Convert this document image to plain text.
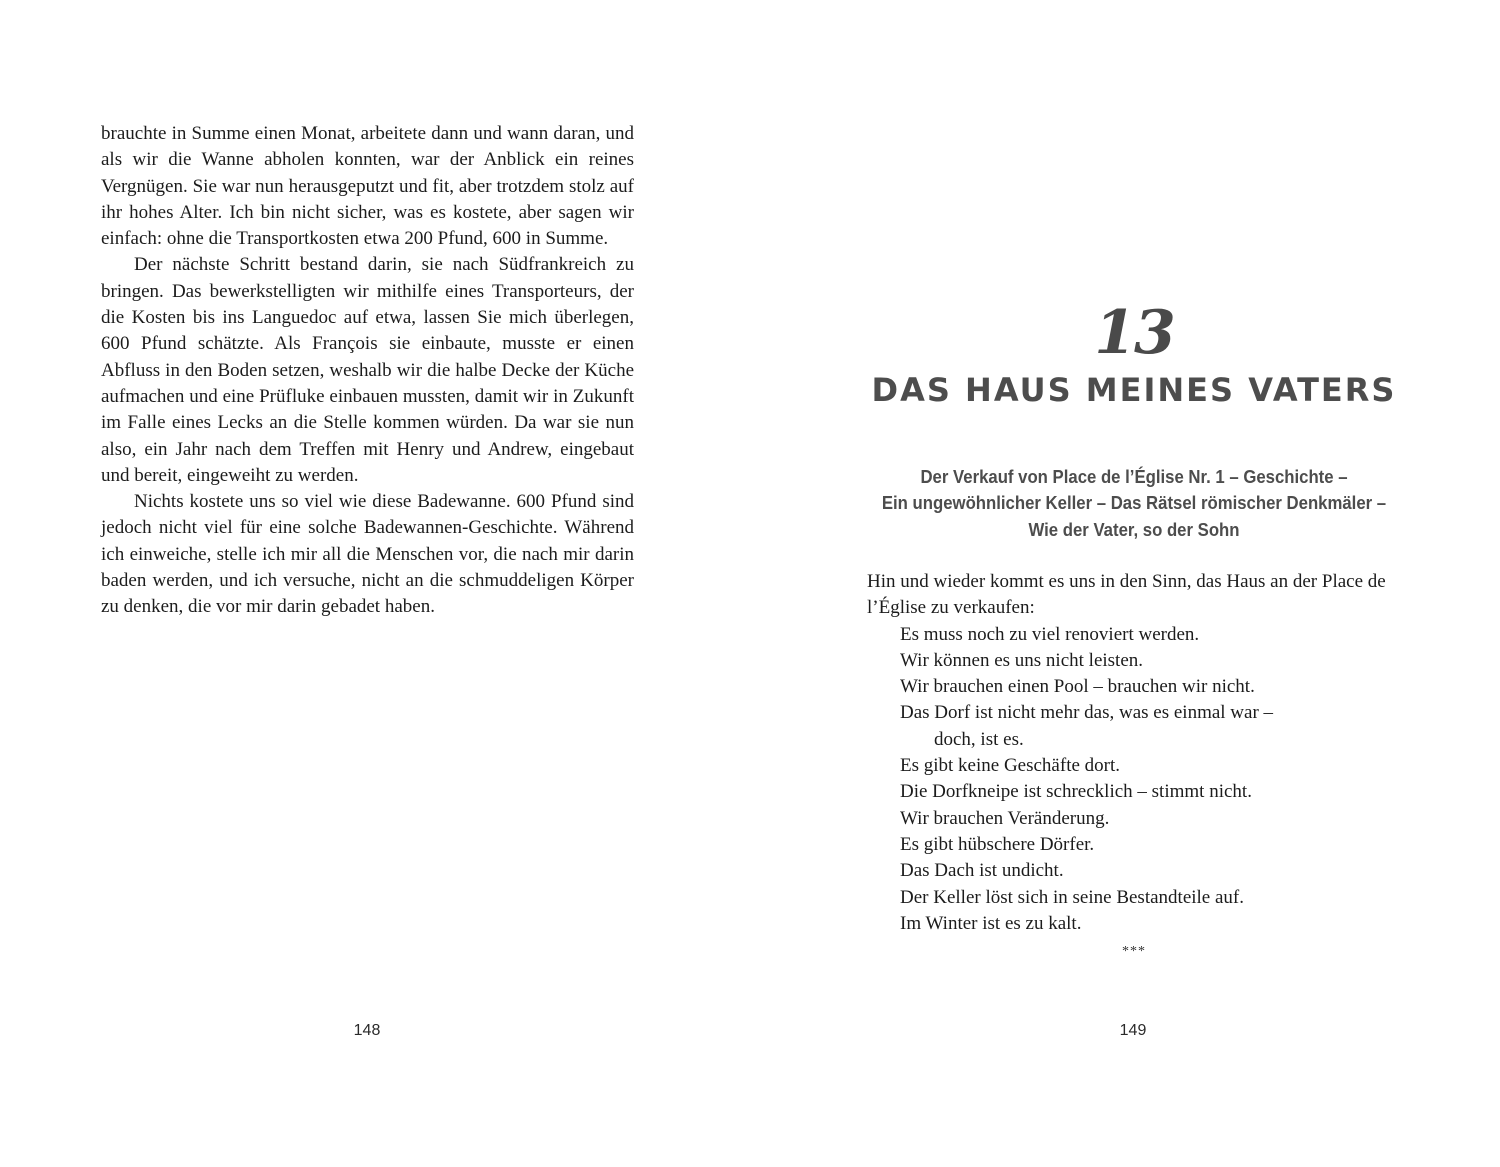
brauchte in Summe einen Monat, arbeitete dann und wann daran, und als wir die Wanne abholen konnten, war der Anblick ein reines Vergnügen. Sie war nun herausgeputzt und fit, aber trotzdem stolz auf ihr hohes Alter. Ich bin nicht sicher, was es kostete, aber sagen wir einfach: ohne die Transportkosten etwa 200 Pfund, 600 in Summe.

Der nächste Schritt bestand darin, sie nach Südfrankreich zu bringen. Das bewerkstelligten wir mithilfe eines Transporteurs, der die Kosten bis ins Languedoc auf etwa, lassen Sie mich überlegen, 600 Pfund schätzte. Als François sie einbaute, musste er einen Abfluss in den Boden setzen, weshalb wir die halbe Decke der Küche aufmachen und eine Prüfluke einbauen mussten, damit wir in Zukunft im Falle eines Lecks an die Stelle kommen würden. Da war sie nun also, ein Jahr nach dem Treffen mit Henry und Andrew, eingebaut und bereit, eingeweiht zu werden.

Nichts kostete uns so viel wie diese Badewanne. 600 Pfund sind jedoch nicht viel für eine solche Badewannen-Geschichte. Während ich einweiche, stelle ich mir all die Menschen vor, die nach mir darin baden werden, und ich versuche, nicht an die schmuddeligen Körper zu denken, die vor mir darin gebadet haben.

148
13
DAS HAUS MEINES VATERS
Der Verkauf von Place de l’Église Nr. 1 – Geschichte –
Ein ungewöhnlicher Keller – Das Rätsel römischer Denkmäler –
Wie der Vater, so der Sohn

Hin und wieder kommt es uns in den Sinn, das Haus an der Place de l’Église zu verkaufen:

Es muss noch zu viel renoviert werden.
Wir können es uns nicht leisten.
Wir brauchen einen Pool – brauchen wir nicht.
Das Dorf ist nicht mehr das, was es einmal war –
doch, ist es.
Es gibt keine Geschäfte dort.
Die Dorfkneipe ist schrecklich – stimmt nicht.
Wir brauchen Veränderung.
Es gibt hübschere Dörfer.
Das Dach ist undicht.
Der Keller löst sich in seine Bestandteile auf.
Im Winter ist es zu kalt.
***
149
